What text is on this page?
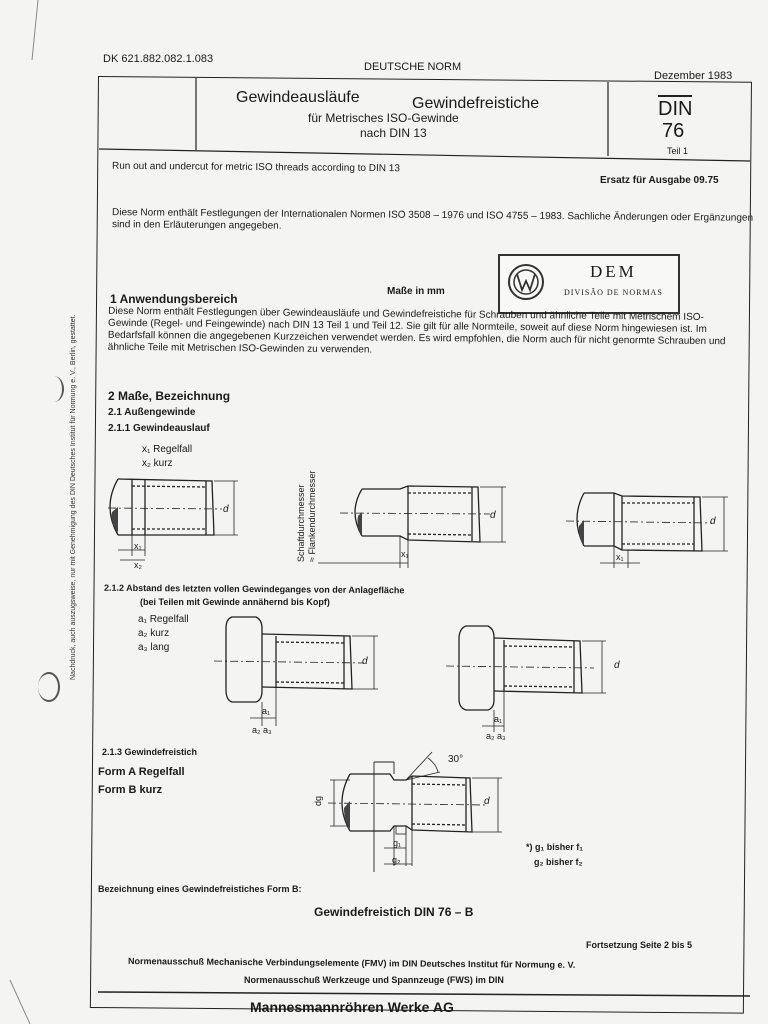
Nachdruck, auch auszugsweise, nur mit Genehmigung des DIN Deutsches Institut für Normung e. V., Berlin, gestattet.
DK 621.882.082.1.083
DEUTSCHE NORM
Dezember 1983
Gewindeausläufe	Gewindefreistiche
für Metrisches ISO-Gewinde
nach DIN 13
DIN
76
Teil 1
Run out and undercut for metric ISO threads according to DIN 13
Ersatz für Ausgabe 09.75
Diese Norm enthält Festlegungen der Internationalen Normen ISO 3508 – 1976 und ISO 4755 – 1983. Sachliche Änderungen oder Ergänzungen sind in den Erläuterungen angegeben.
Maße in mm
DEM
DIVISÃO DE NORMAS
1 Anwendungsbereich
Diese Norm enthält Festlegungen über Gewindeausläufe und Gewindefreistiche für Schrauben und ähnliche Teile mit Metrischem ISO-Gewinde (Regel- und Feingewinde) nach DIN 13 Teil 1 und Teil 12. Sie gilt für alle Normteile, soweit auf diese Norm hingewiesen ist. Im Bedarfsfall können die angegebenen Kurzzeichen verwendet werden. Es wird empfohlen, die Norm auch für nicht genormte Schrauben und ähnliche Teile mit Metrischen ISO-Gewinden zu verwenden.
2 Maße, Bezeichnung
2.1 Außengewinde
2.1.1 Gewindeauslauf
x₁ Regelfall
x₂ kurz
Schaftdurchmesser ≈ Flankendurchmesser
d
x₁
x₂
d
x₁
d
x₁
2.1.2 Abstand des letzten vollen Gewindeganges von der Anlagefläche
(bei Teilen mit Gewinde annähernd bis Kopf)
a₁ Regelfall
a₂ kurz
a₃ lang
d
a₁
a₂ a₃
d
a₁
a₂ a₃
2.1.3 Gewindefreistich
Form A Regelfall
Form B kurz
30°
d
dg
g₁
g₂
*) g₁ bisher f₁
g₂ bisher f₂
Bezeichnung eines Gewindefreistiches Form B:
Gewindefreistich DIN 76 – B
Fortsetzung Seite 2 bis 5
Normenausschuß Mechanische Verbindungselemente (FMV) im DIN Deutsches Institut für Normung e. V.
Normenausschuß Werkzeuge und Spannzeuge (FWS) im DIN
Mannesmannröhren Werke AG
